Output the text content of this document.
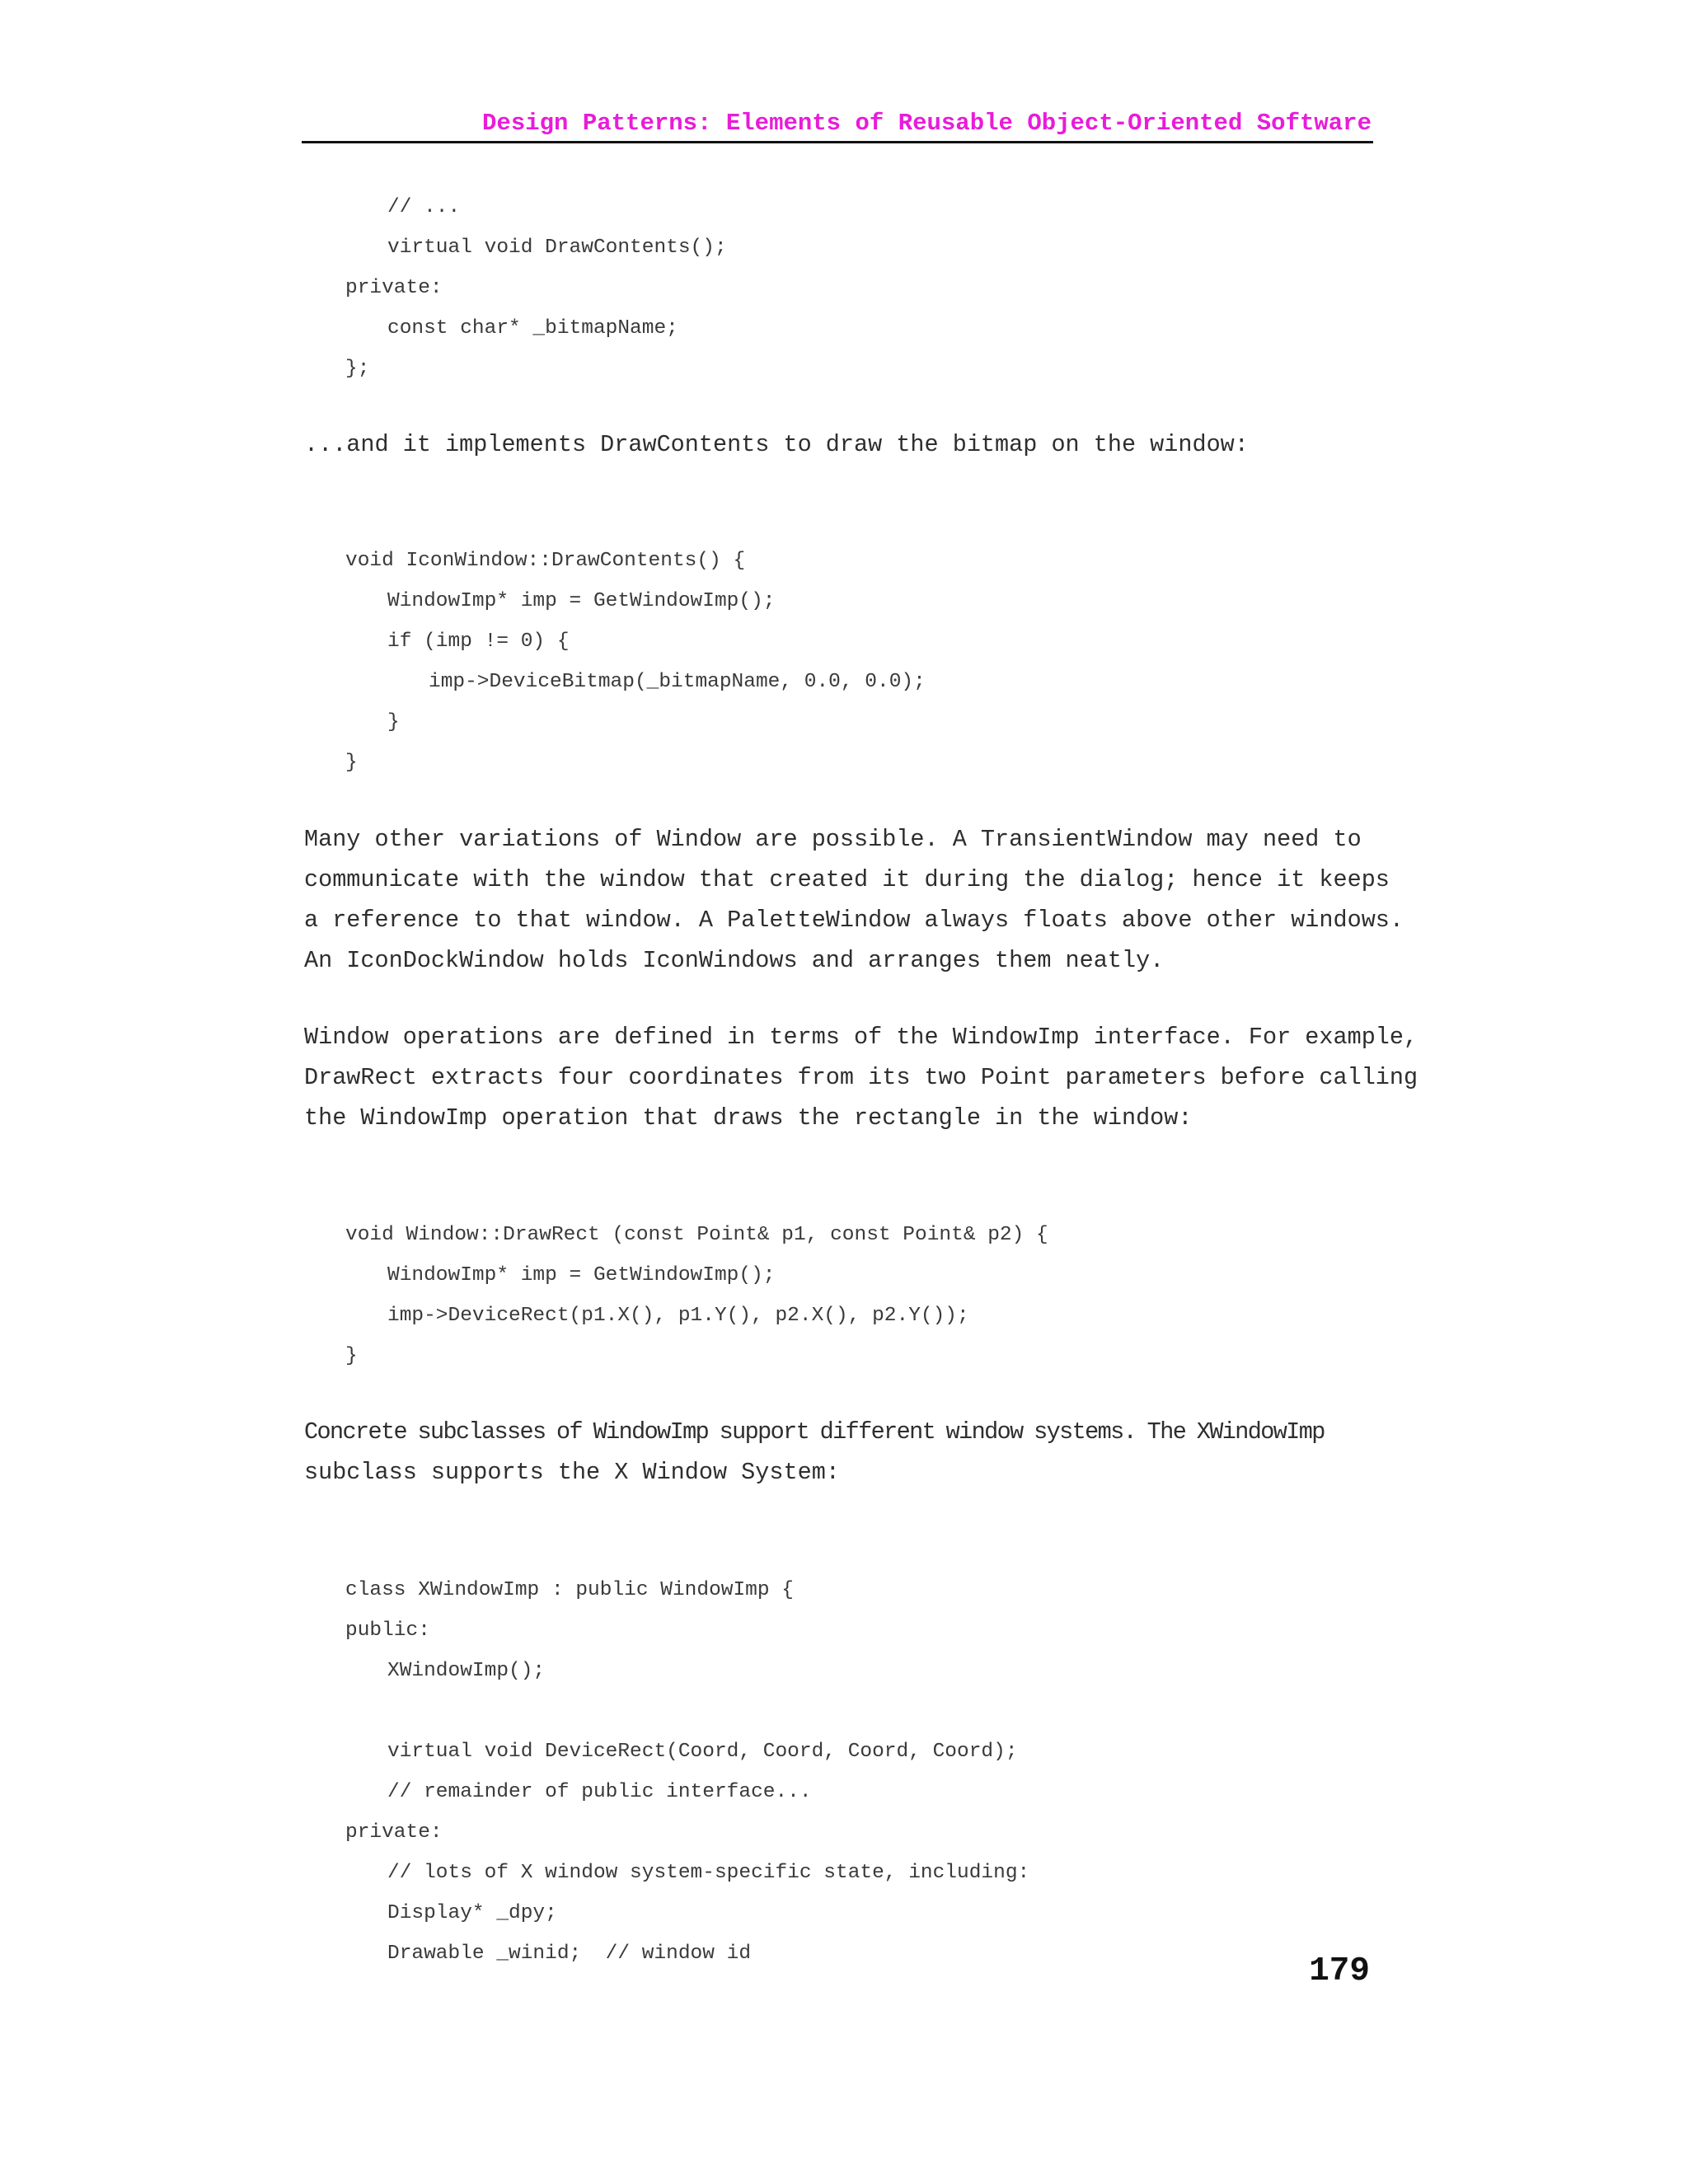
Design Patterns: Elements of Reusable Object-Oriented Software
// ...
virtual void DrawContents();
private:
const char* _bitmapName;
};
...and it implements DrawContents to draw the bitmap on the window:
void IconWindow::DrawContents() {
WindowImp* imp = GetWindowImp();
if (imp != 0) {
imp->DeviceBitmap(_bitmapName, 0.0, 0.0);
}
}
Many other variations of Window are possible. A TransientWindow may need to
communicate with the window that created it during the dialog; hence it keeps
a reference to that window. A PaletteWindow always floats above other windows.
An IconDockWindow holds IconWindows and arranges them neatly.
Window operations are defined in terms of the WindowImp interface. For example,
DrawRect extracts four coordinates from its two Point parameters before calling
the WindowImp operation that draws the rectangle in the window:
void Window::DrawRect (const Point& p1, const Point& p2) {
WindowImp* imp = GetWindowImp();
imp->DeviceRect(p1.X(), p1.Y(), p2.X(), p2.Y());
}
Concrete subclasses of WindowImp support different window systems. The XWindowImp
subclass supports the X Window System:
class XWindowImp : public WindowImp {
public:
XWindowImp();
virtual void DeviceRect(Coord, Coord, Coord, Coord);
// remainder of public interface...
private:
// lots of X window system-specific state, including:
Display* _dpy;
Drawable _winid;  // window id	179
